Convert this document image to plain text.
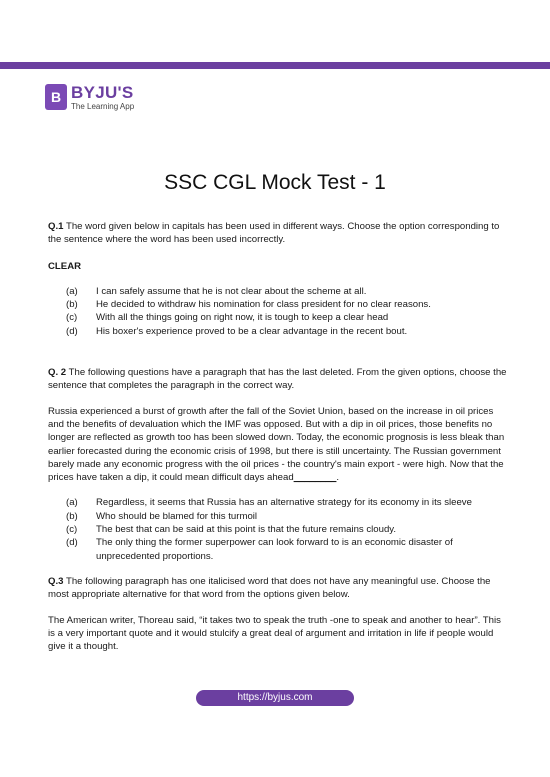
B BYJU'S
The Learning App
SSC CGL Mock Test - 1

Q.1 The word given below in capitals has been used in different ways. Choose the option corresponding to the sentence where the word has been used incorrectly.

CLEAR

(a) I can safely assume that he is not clear about the scheme at all.
(b) He decided to withdraw his nomination for class president for no clear reasons.
(c) With all the things going on right now, it is tough to keep a clear head
(d) His boxer's experience proved to be a clear advantage in the recent bout.

Q. 2 The following questions have a paragraph that has the last deleted. From the given options, choose the sentence that completes the paragraph in the correct way.

Russia experienced a burst of growth after the fall of the Soviet Union, based on the increase in oil prices and the benefits of devaluation which the IMF was opposed. But with a dip in oil prices, those benefits no longer are reflected as growth too has been slowed down. Today, the economic prognosis is less bleak than earlier forecasted during the economic crisis of 1998, but there is still uncertainty. The Russian government barely made any economic progress with the oil prices - the country's main export - were high. Now that the prices have taken a dip, it could mean difficult days ahead________.

(a) Regardless, it seems that Russia has an alternative strategy for its economy in its sleeve
(b) Who should be blamed for this turmoil
(c) The best that can be said at this point is that the future remains cloudy.
(d) The only thing the former superpower can look forward to is an economic disaster of unprecedented proportions.

Q.3 The following paragraph has one italicised word that does not have any meaningful use. Choose the most appropriate alternative for that word from the options given below.

The American writer, Thoreau said, “it takes two to speak the truth -one to speak and another to hear”. This is a very important quote and it would stulcify a great deal of argument and irritation in life if people would give it a thought.

https://byjus.com
